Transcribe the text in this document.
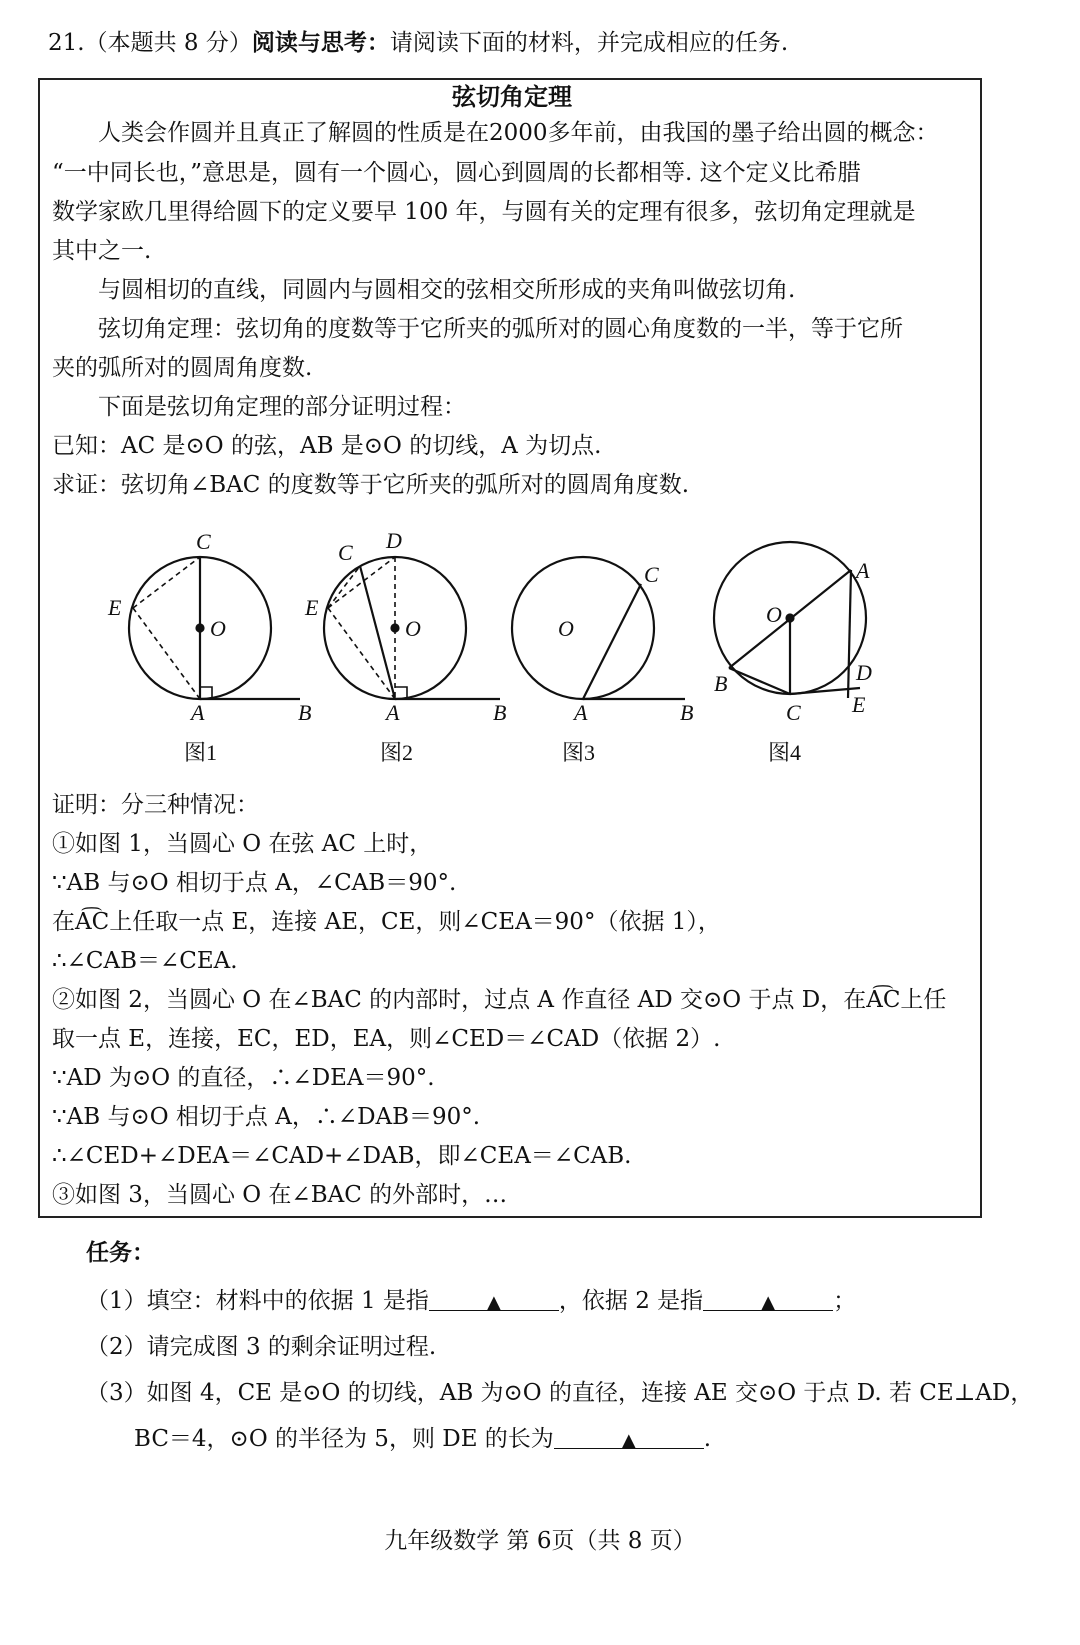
21.（本题共 8 分）阅读与思考：请阅读下面的材料，并完成相应的任务.
弦切角定理
人类会作圆并且真正了解圆的性质是在2000多年前，由我国的墨子给出圆的概念：
“一中同长也，”意思是，圆有一个圆心，圆心到圆周的长都相等. 这个定义比希腊
数学家欧几里得给圆下的定义要早 100 年，与圆有关的定理有很多，弦切角定理就是
其中之一.
与圆相切的直线，同圆内与圆相交的弦相交所形成的夹角叫做弦切角.
弦切角定理：弦切角的度数等于它所夹的弧所对的圆心角度数的一半，等于它所
夹的弧所对的圆周角度数.
下面是弦切角定理的部分证明过程：
已知：AC 是⊙O 的弦，AB 是⊙O 的切线，A 为切点.
求证：弦切角∠BAC 的度数等于它所夹的弧所对的圆周角度数.
C
E
O
A	B
图1
C D
E
O
A	B
图2
O
C
A	B
图3
O
A
D
E
B
C
图4
证明：分三种情况：
①如图 1，当圆心 O 在弦 AC 上时，
∵AB 与⊙O 相切于点 A，∠CAB＝90°.
在A͡C上任取一点 E，连接 AE，CE，则∠CEA＝90°（依据 1），
∴∠CAB＝∠CEA.
②如图 2，当圆心 O 在∠BAC 的内部时，过点 A 作直径 AD 交⊙O 于点 D，在A͡C上任
取一点 E，连接，EC，ED，EA，则∠CED＝∠CAD（依据 2）.
∵AD 为⊙O 的直径，∴∠DEA＝90°.
∵AB 与⊙O 相切于点 A，∴∠DAB＝90°.
∴∠CED+∠DEA＝∠CAD+∠DAB，即∠CEA＝∠CAB.
③如图 3，当圆心 O 在∠BAC 的外部时，…
任务：
（1）填空：材料中的依据 1 是指	▲	，依据 2 是指	▲	；
（2）请完成图 3 的剩余证明过程.
（3）如图 4，CE 是⊙O 的切线，AB 为⊙O 的直径，连接 AE 交⊙O 于点 D. 若 CE⊥AD，
BC＝4，⊙O 的半径为 5，则 DE 的长为	▲	.
九年级数学 第 6页（共 8 页）
